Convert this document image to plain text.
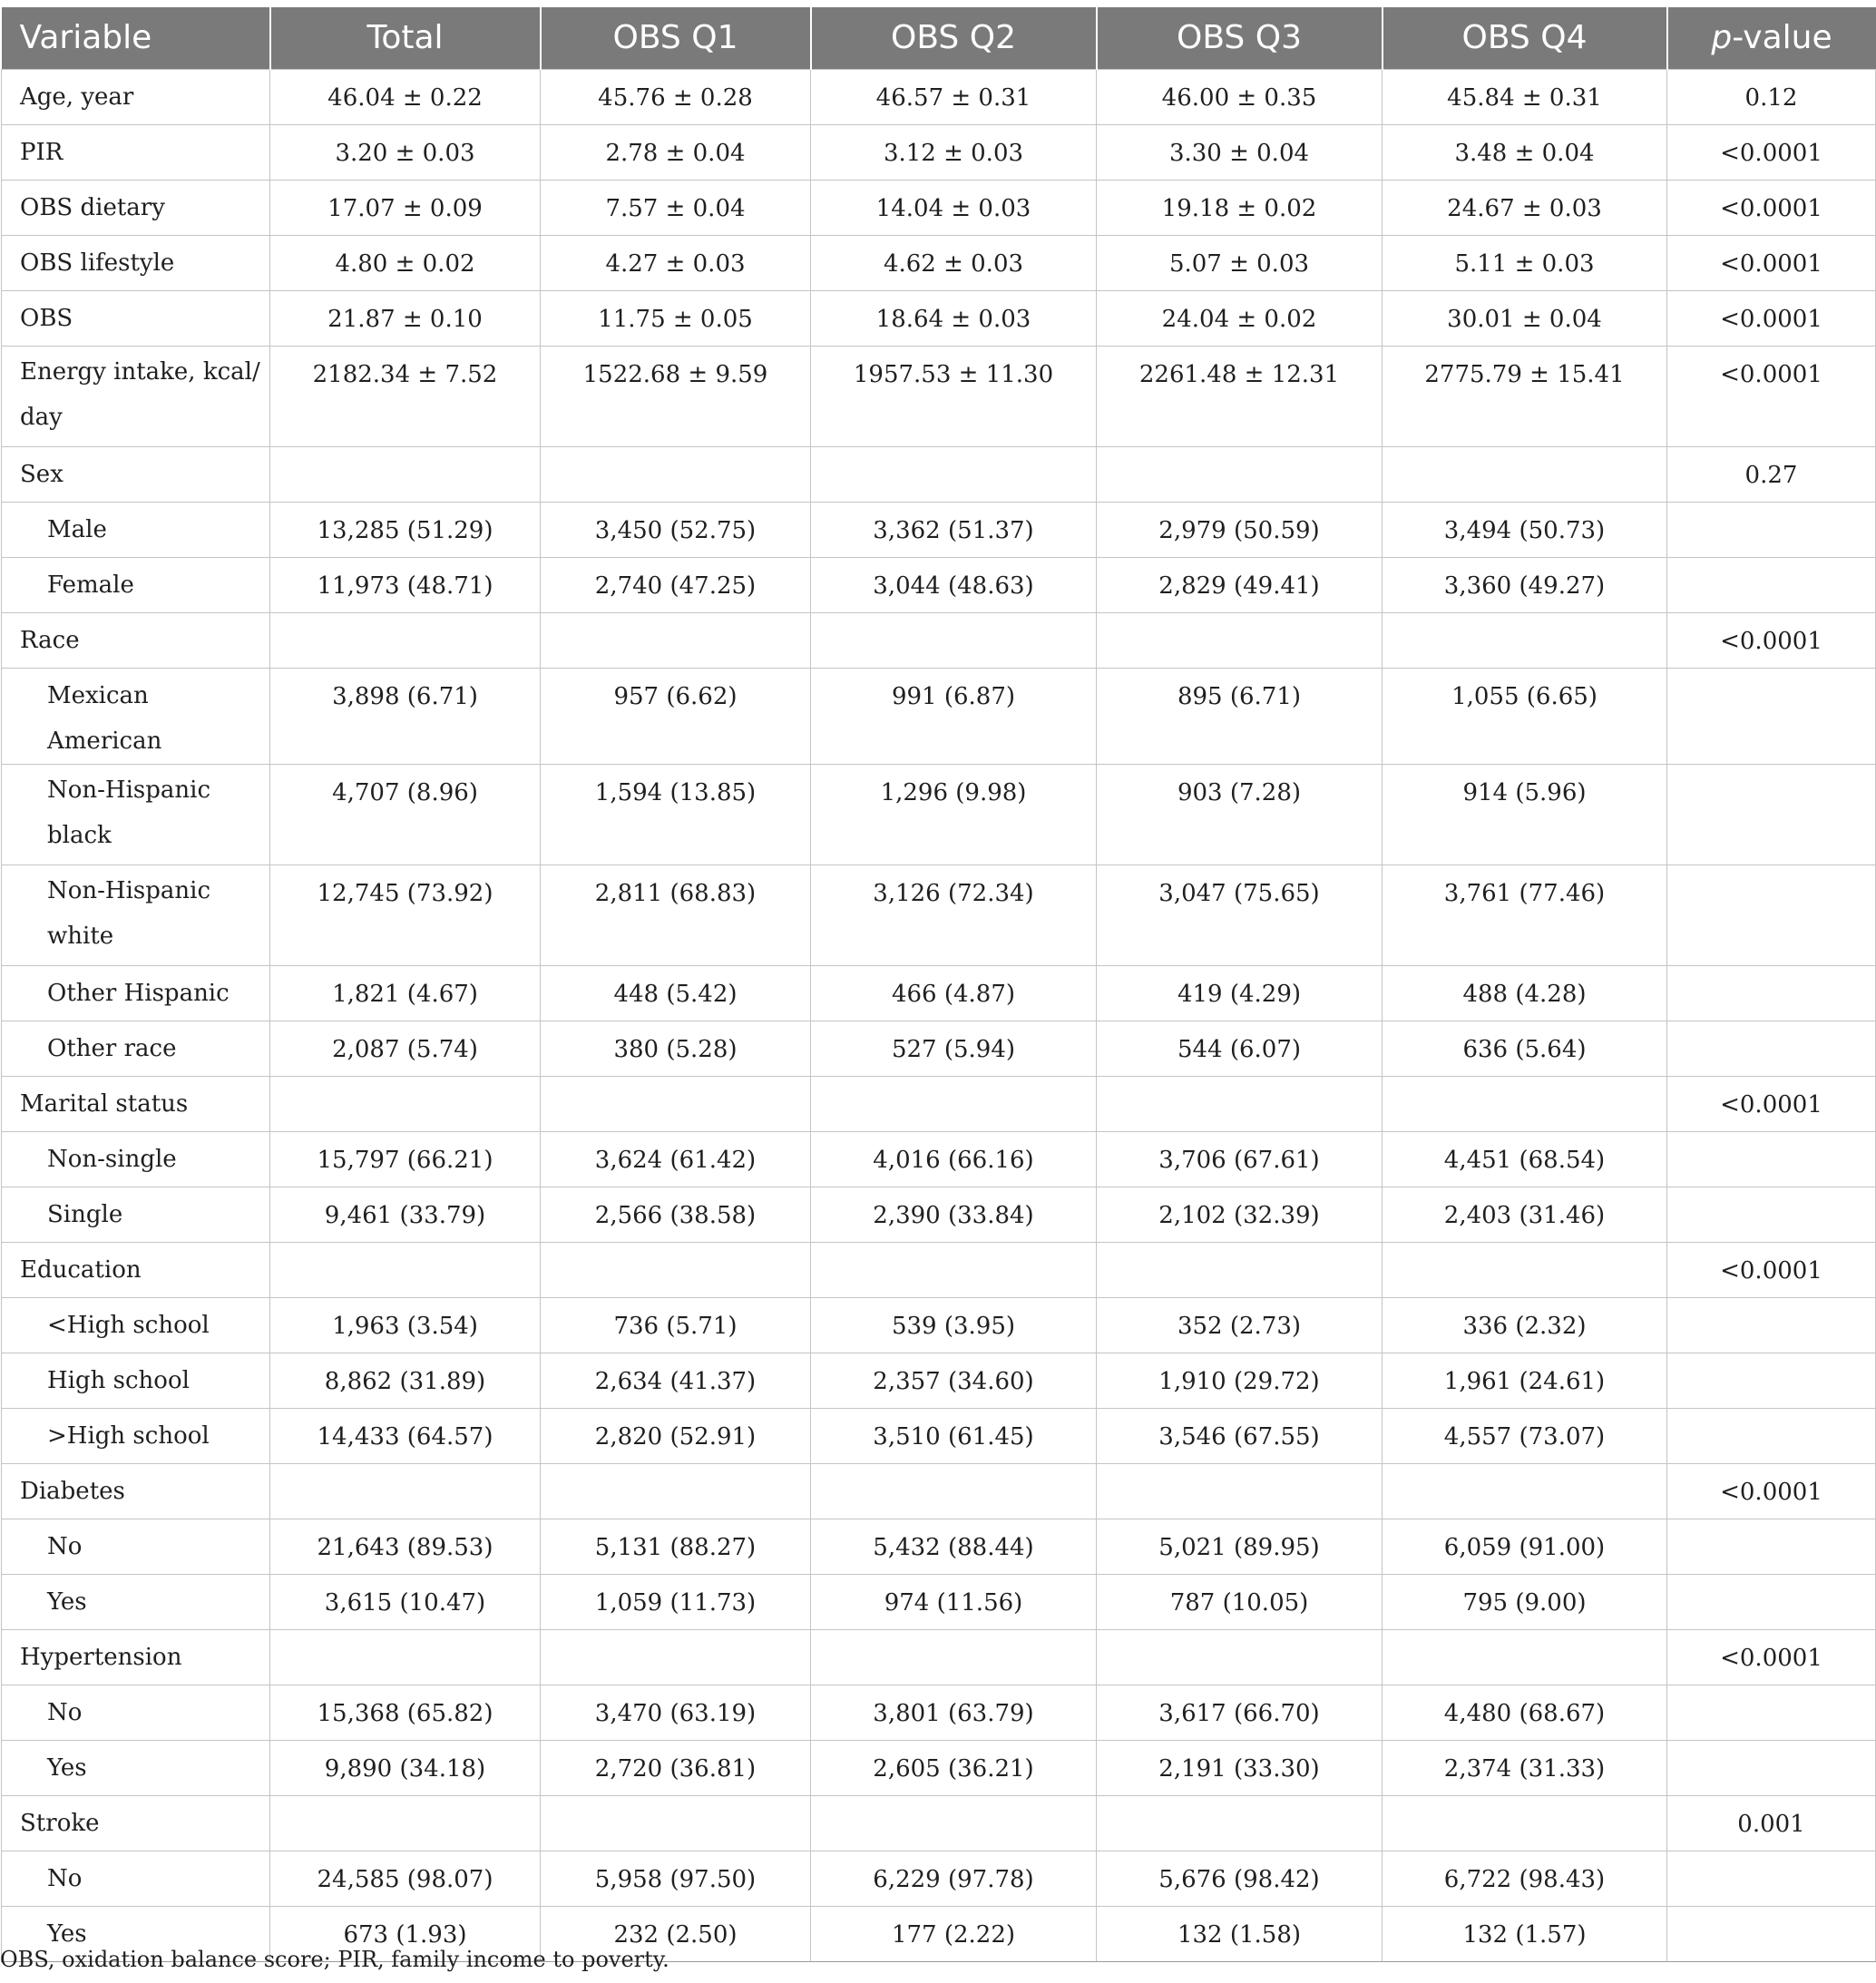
Variable	Total	OBS Q1	OBS Q2	OBS Q3	OBS Q4	p-value
Age, year	46.04 ± 0.22	45.76 ± 0.28	46.57 ± 0.31	46.00 ± 0.35	45.84 ± 0.31	0.12
PIR	3.20 ± 0.03	2.78 ± 0.04	3.12 ± 0.03	3.30 ± 0.04	3.48 ± 0.04	<0.0001
OBS dietary	17.07 ± 0.09	7.57 ± 0.04	14.04 ± 0.03	19.18 ± 0.02	24.67 ± 0.03	<0.0001
OBS lifestyle	4.80 ± 0.02	4.27 ± 0.03	4.62 ± 0.03	5.07 ± 0.03	5.11 ± 0.03	<0.0001
OBS	21.87 ± 0.10	11.75 ± 0.05	18.64 ± 0.03	24.04 ± 0.02	30.01 ± 0.04	<0.0001
Energy intake, kcal/ day	2182.34 ± 7.52	1522.68 ± 9.59	1957.53 ± 11.30	2261.48 ± 12.31	2775.79 ± 15.41	<0.0001
Sex						0.27
Male	13,285 (51.29)	3,450 (52.75)	3,362 (51.37)	2,979 (50.59)	3,494 (50.73)	
Female	11,973 (48.71)	2,740 (47.25)	3,044 (48.63)	2,829 (49.41)	3,360 (49.27)	
Race						<0.0001
Mexican American	3,898 (6.71)	957 (6.62)	991 (6.87)	895 (6.71)	1,055 (6.65)	
Non-Hispanic black	4,707 (8.96)	1,594 (13.85)	1,296 (9.98)	903 (7.28)	914 (5.96)	
Non-Hispanic white	12,745 (73.92)	2,811 (68.83)	3,126 (72.34)	3,047 (75.65)	3,761 (77.46)	
Other Hispanic	1,821 (4.67)	448 (5.42)	466 (4.87)	419 (4.29)	488 (4.28)	
Other race	2,087 (5.74)	380 (5.28)	527 (5.94)	544 (6.07)	636 (5.64)	
Marital status						<0.0001
Non-single	15,797 (66.21)	3,624 (61.42)	4,016 (66.16)	3,706 (67.61)	4,451 (68.54)	
Single	9,461 (33.79)	2,566 (38.58)	2,390 (33.84)	2,102 (32.39)	2,403 (31.46)	
Education						<0.0001
<High school	1,963 (3.54)	736 (5.71)	539 (3.95)	352 (2.73)	336 (2.32)	
High school	8,862 (31.89)	2,634 (41.37)	2,357 (34.60)	1,910 (29.72)	1,961 (24.61)	
>High school	14,433 (64.57)	2,820 (52.91)	3,510 (61.45)	3,546 (67.55)	4,557 (73.07)	
Diabetes						<0.0001
No	21,643 (89.53)	5,131 (88.27)	5,432 (88.44)	5,021 (89.95)	6,059 (91.00)	
Yes	3,615 (10.47)	1,059 (11.73)	974 (11.56)	787 (10.05)	795 (9.00)	
Hypertension						<0.0001
No	15,368 (65.82)	3,470 (63.19)	3,801 (63.79)	3,617 (66.70)	4,480 (68.67)	
Yes	9,890 (34.18)	2,720 (36.81)	2,605 (36.21)	2,191 (33.30)	2,374 (31.33)	
Stroke						0.001
No	24,585 (98.07)	5,958 (97.50)	6,229 (97.78)	5,676 (98.42)	6,722 (98.43)	
Yes	673 (1.93)	232 (2.50)	177 (2.22)	132 (1.58)	132 (1.57)	

OBS, oxidation balance score; PIR, family income to poverty.
